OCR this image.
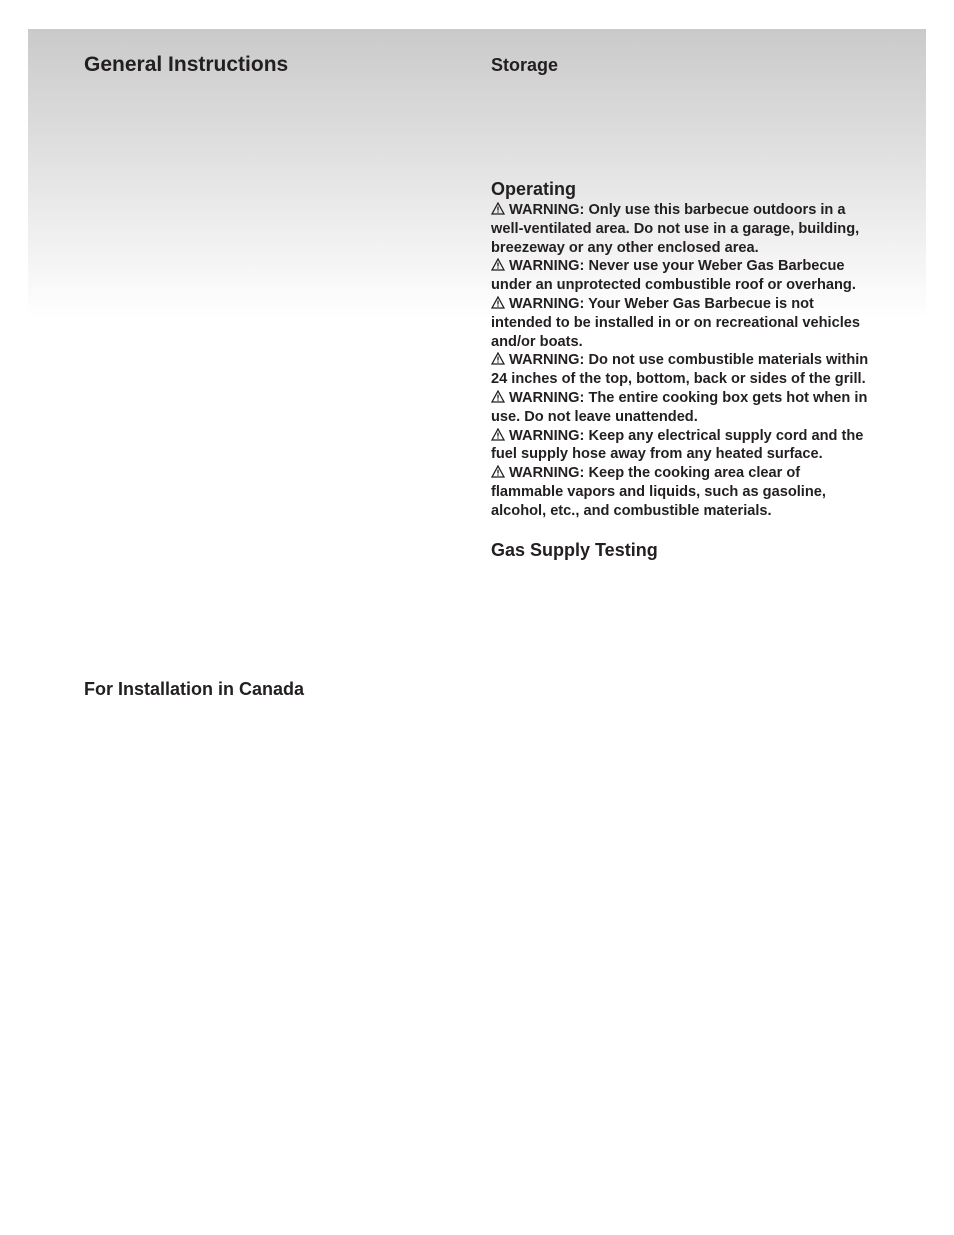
General Instructions
For Installation in Canada
Storage
Operating
WARNING: Only use this barbecue outdoors in a well-ventilated area. Do not use in a garage, building, breezeway or any other enclosed area.
WARNING: Never use your Weber Gas Barbecue under an unprotected combustible roof or overhang.
WARNING: Your Weber Gas Barbecue is not intended to be installed in or on recreational vehicles and/or boats.
WARNING: Do not use combustible materials within 24 inches of the top, bottom, back or sides of the grill.
WARNING: The entire cooking box gets hot when in use. Do not leave unattended.
WARNING: Keep any electrical supply cord and the fuel supply hose away from any heated surface.
WARNING: Keep the cooking area clear of flammable vapors and liquids, such as gasoline, alcohol, etc., and combustible materials.
Gas Supply Testing
